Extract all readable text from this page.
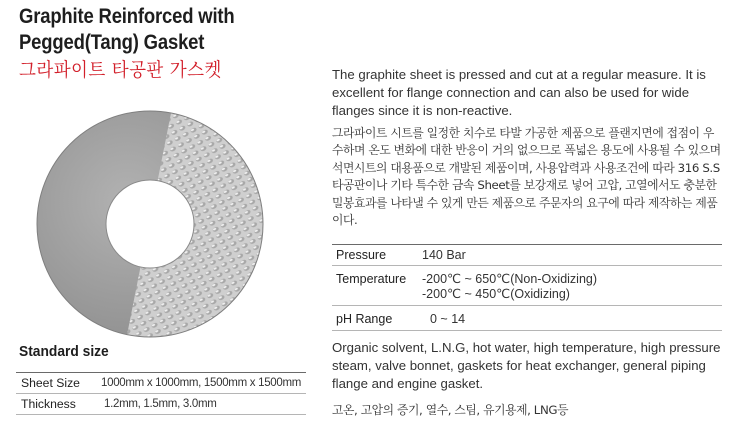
Graphite Reinforced with
Pegged(Tang) Gasket
그라파이트 타공판 가스켓	The graphite sheet is pressed and cut at a regular measure. It is excellent for flange connection and can also be used for wide flanges since it is non-reactive.
그라파이트 시트를 일정한 치수로 타발 가공한 제품으로 플랜지면에 접점이 우수하며 온도 변화에 대한 반응이 거의 없으므로 폭넓은 용도에 사용될 수 있으며 석면시트의 대용품으로 개발된 제품이며, 사용압력과 사용조건에 따라 316 S.S 타공판이나 기타 특수한 금속 Sheet를 보강재로 넣어 고압, 고열에서도 충분한 밀봉효과를 나타낼 수 있게 만든 제품으로 주문자의 요구에 따라 제작하는 제품이다.
Pressure	140 Bar
Temperature	-200℃ ~ 650℃(Non-Oxidizing)
-200℃ ~ 450℃(Oxidizing)

pH Range	0 ~ 14
Organic solvent, L.N.G, hot water, high temperature, high pressure steam, valve bonnet, gaskets for heat exchanger, general piping flange and engine gasket.
고온, 고압의 증기, 열수, 스팀, 유기용제, LNG등
Standard size
Sheet Size	1000mm x 1000mm, 1500mm x 1500mm
Thickness	1.2mm, 1.5mm, 3.0mm
